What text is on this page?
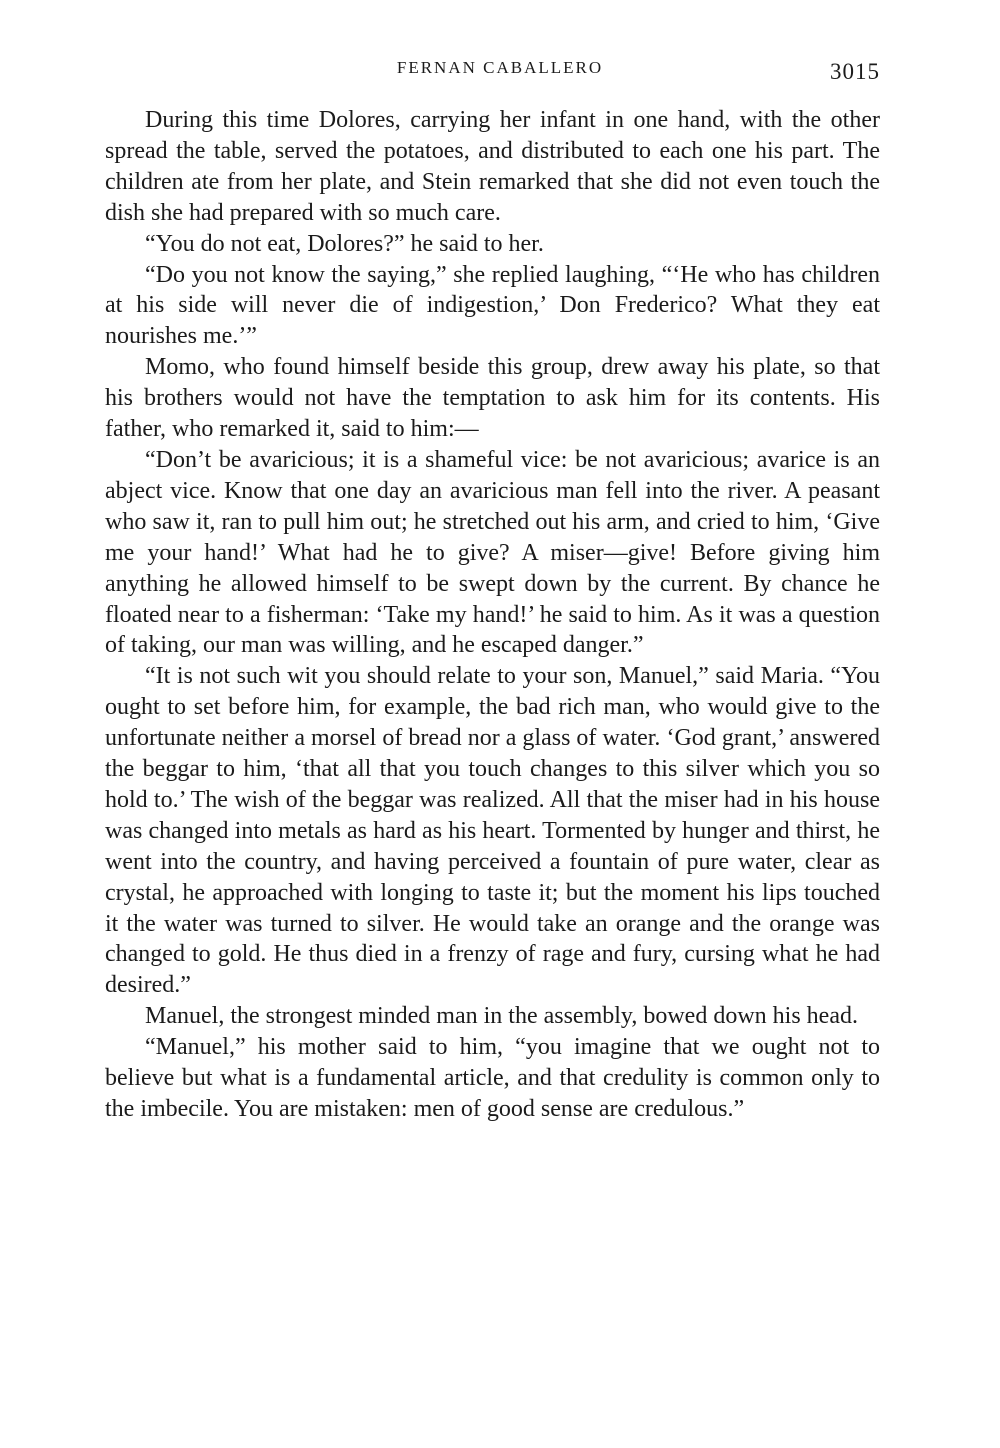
FERNAN CABALLERO	3015

During this time Dolores, carrying her infant in one hand, with the other spread the table, served the potatoes, and distributed to each one his part. The children ate from her plate, and Stein remarked that she did not even touch the dish she had prepared with so much care.

“You do not eat, Dolores?” he said to her.

“Do you not know the saying,” she replied laughing, “‘He who has children at his side will never die of indigestion,’ Don Frederico? What they eat nourishes me.’”

Momo, who found himself beside this group, drew away his plate, so that his brothers would not have the temptation to ask him for its contents. His father, who remarked it, said to him:—

“Don’t be avaricious; it is a shameful vice: be not avaricious; avarice is an abject vice. Know that one day an avaricious man fell into the river. A peasant who saw it, ran to pull him out; he stretched out his arm, and cried to him, ‘Give me your hand!’ What had he to give? A miser—give! Before giving him anything he allowed himself to be swept down by the current. By chance he floated near to a fisherman: ‘Take my hand!’ he said to him. As it was a question of taking, our man was willing, and he escaped danger.”

“It is not such wit you should relate to your son, Manuel,” said Maria. “You ought to set before him, for example, the bad rich man, who would give to the unfortunate neither a morsel of bread nor a glass of water. ‘God grant,’ answered the beggar to him, ‘that all that you touch changes to this silver which you so hold to.’ The wish of the beggar was realized. All that the miser had in his house was changed into metals as hard as his heart. Tormented by hunger and thirst, he went into the country, and having perceived a fountain of pure water, clear as crystal, he approached with longing to taste it; but the moment his lips touched it the water was turned to silver. He would take an orange and the orange was changed to gold. He thus died in a frenzy of rage and fury, cursing what he had desired.”

Manuel, the strongest minded man in the assembly, bowed down his head.

“Manuel,” his mother said to him, “you imagine that we ought not to believe but what is a fundamental article, and that credulity is common only to the imbecile. You are mistaken: men of good sense are credulous.”
